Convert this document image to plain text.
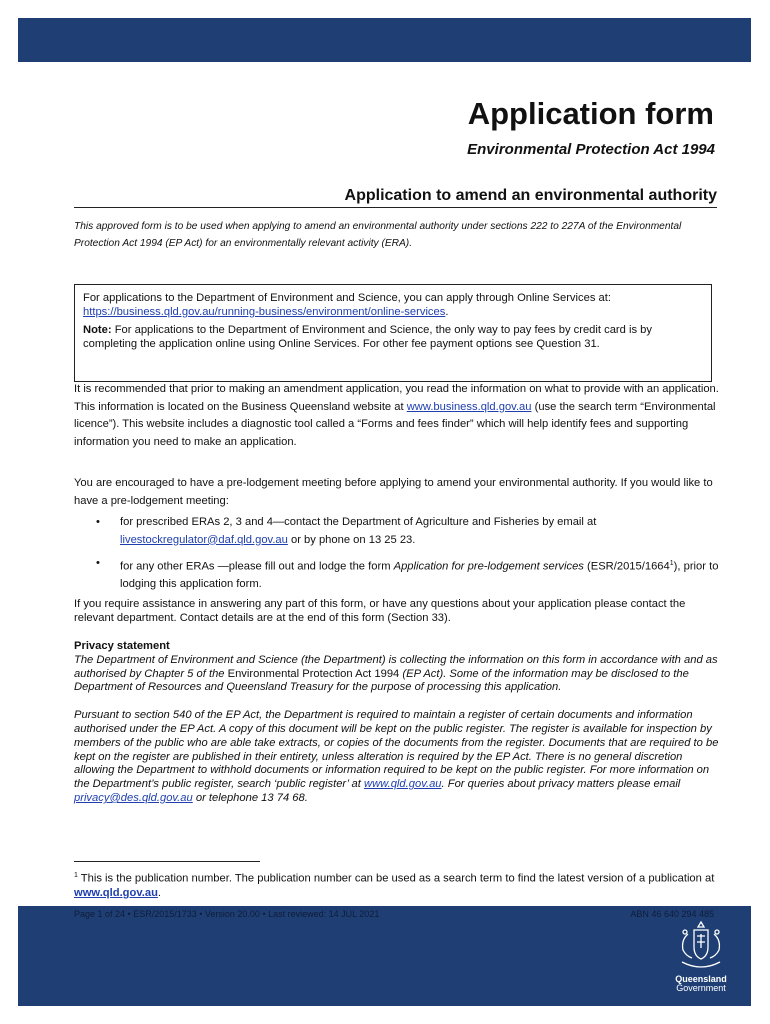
Application form
Environmental Protection Act 1994
Application to amend an environmental authority
This approved form is to be used when applying to amend an environmental authority under sections 222 to 227A of the Environmental Protection Act 1994 (EP Act) for an environmentally relevant activity (ERA).

For applications to the Department of Environment and Science, you can apply through Online Services at: https://business.qld.gov.au/running-business/environment/online-services.

Note: For applications to the Department of Environment and Science, the only way to pay fees by credit card is by completing the application online using Online Services. For other fee payment options see Question 31.

It is recommended that prior to making an amendment application, you read the information on what to provide with an application. This information is located on the Business Queensland website at www.business.qld.gov.au (use the search term “Environmental licence”). This website includes a diagnostic tool called a “Forms and fees finder” which will help identify fees and supporting information you need to make an application.

You are encouraged to have a pre-lodgement meeting before applying to amend your environmental authority. If you would like to have a pre-lodgement meeting:

• for prescribed ERAs 2, 3 and 4—contact the Department of Agriculture and Fisheries by email at livestockregulator@daf.qld.gov.au or by phone on 13 25 23.
• for any other ERAs —please fill out and lodge the form Application for pre-lodgement services (ESR/2015/1664$^1$), prior to lodging this application form.

If you require assistance in answering any part of this form, or have any questions about your application please contact the relevant department. Contact details are at the end of this form (Section 33).

Privacy statement

The Department of Environment and Science (the Department) is collecting the information on this form in accordance with and as authorised by Chapter 5 of the Environmental Protection Act 1994 (EP Act). Some of the information may be disclosed to the Department of Resources and Queensland Treasury for the purpose of processing this application.

Pursuant to section 540 of the EP Act, the Department is required to maintain a register of certain documents and information authorised under the EP Act. A copy of this document will be kept on the public register. The register is available for inspection by members of the public who are able take extracts, or copies of the documents from the register. Documents that are required to be kept on the register are published in their entirety, unless alteration is required by the EP Act. There is no general discretion allowing the Department to withhold documents or information required to be kept on the public register. For more information on the Department’s public register, search ‘public register’ at www.qld.gov.au. For queries about privacy matters please email privacy@des.qld.gov.au or telephone 13 74 68.

$^1$ This is the publication number. The publication number can be used as a search term to find the latest version of a publication at www.qld.gov.au.
Page 1 of 24 • ESR/2015/1733 • Version 20.00 • Last reviewed: 14 JUL 2021	ABN 46 640 294 485
Queensland
Government
